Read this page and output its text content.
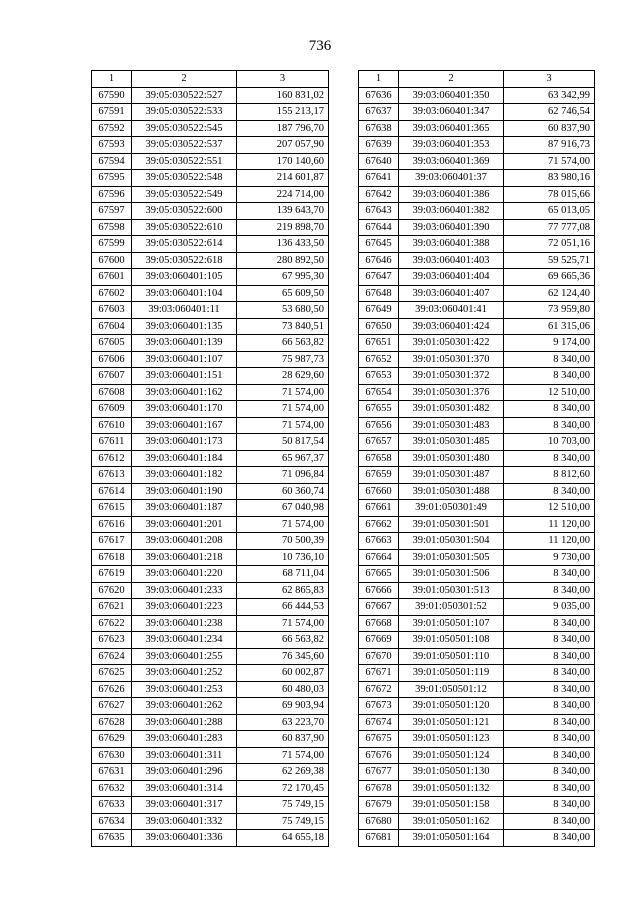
736
1	2	3
67590	39:05:030522:527	160 831,02
67591	39:05:030522:533	155 213,17
67592	39:05:030522:545	187 796,70
67593	39:05:030522:537	207 057,90
67594	39:05:030522:551	170 140,60
67595	39:05:030522:548	214 601,87
67596	39:05:030522:549	224 714,00
67597	39:05:030522:600	139 643,70
67598	39:05:030522:610	219 898,70
67599	39:05:030522:614	136 433,50
67600	39:05:030522:618	280 892,50
67601	39:03:060401:105	67 995,30
67602	39:03:060401:104	65 609,50
67603	39:03:060401:11	53 680,50
67604	39:03:060401:135	73 840,51
67605	39:03:060401:139	66 563,82
67606	39:03:060401:107	75 987,73
67607	39:03:060401:151	28 629,60
67608	39:03:060401:162	71 574,00
67609	39:03:060401:170	71 574,00
67610	39:03:060401:167	71 574,00
67611	39:03:060401:173	50 817,54
67612	39:03:060401:184	65 967,37
67613	39:03:060401:182	71 096,84
67614	39:03:060401:190	60 360,74
67615	39:03:060401:187	67 040,98
67616	39:03:060401:201	71 574,00
67617	39:03:060401:208	70 500,39
67618	39:03:060401:218	10 736,10
67619	39:03:060401:220	68 711,04
67620	39:03:060401:233	62 865,83
67621	39:03:060401:223	66 444,53
67622	39:03:060401:238	71 574,00
67623	39:03:060401:234	66 563,82
67624	39:03:060401:255	76 345,60
67625	39:03:060401:252	60 002,87
67626	39:03:060401:253	60 480,03
67627	39:03:060401:262	69 903,94
67628	39:03:060401:288	63 223,70
67629	39:03:060401:283	60 837,90
67630	39:03:060401:311	71 574,00
67631	39:03:060401:296	62 269,38
67632	39:03:060401:314	72 170,45
67633	39:03:060401:317	75 749,15
67634	39:03:060401:332	75 749,15
67635	39:03:060401:336	64 655,18
1	2	3
67636	39:03:060401:350	63 342,99
67637	39:03:060401:347	62 746,54
67638	39:03:060401:365	60 837,90
67639	39:03:060401:353	87 916,73
67640	39:03:060401:369	71 574,00
67641	39:03:060401:37	83 980,16
67642	39:03:060401:386	78 015,66
67643	39:03:060401:382	65 013,05
67644	39:03:060401:390	77 777,08
67645	39:03:060401:388	72 051,16
67646	39:03:060401:403	59 525,71
67647	39:03:060401:404	69 665,36
67648	39:03:060401:407	62 124,40
67649	39:03:060401:41	73 959,80
67650	39:03:060401:424	61 315,06
67651	39:01:050301:422	9 174,00
67652	39:01:050301:370	8 340,00
67653	39:01:050301:372	8 340,00
67654	39:01:050301:376	12 510,00
67655	39:01:050301:482	8 340,00
67656	39:01:050301:483	8 340,00
67657	39:01:050301:485	10 703,00
67658	39:01:050301:480	8 340,00
67659	39:01:050301:487	8 812,60
67660	39:01:050301:488	8 340,00
67661	39:01:050301:49	12 510,00
67662	39:01:050301:501	11 120,00
67663	39:01:050301:504	11 120,00
67664	39:01:050301:505	9 730,00
67665	39:01:050301:506	8 340,00
67666	39:01:050301:513	8 340,00
67667	39:01:050301:52	9 035,00
67668	39:01:050501:107	8 340,00
67669	39:01:050501:108	8 340,00
67670	39:01:050501:110	8 340,00
67671	39:01:050501:119	8 340,00
67672	39:01:050501:12	8 340,00
67673	39:01:050501:120	8 340,00
67674	39:01:050501:121	8 340,00
67675	39:01:050501:123	8 340,00
67676	39:01:050501:124	8 340,00
67677	39:01:050501:130	8 340,00
67678	39:01:050501:132	8 340,00
67679	39:01:050501:158	8 340,00
67680	39:01:050501:162	8 340,00
67681	39:01:050501:164	8 340,00
